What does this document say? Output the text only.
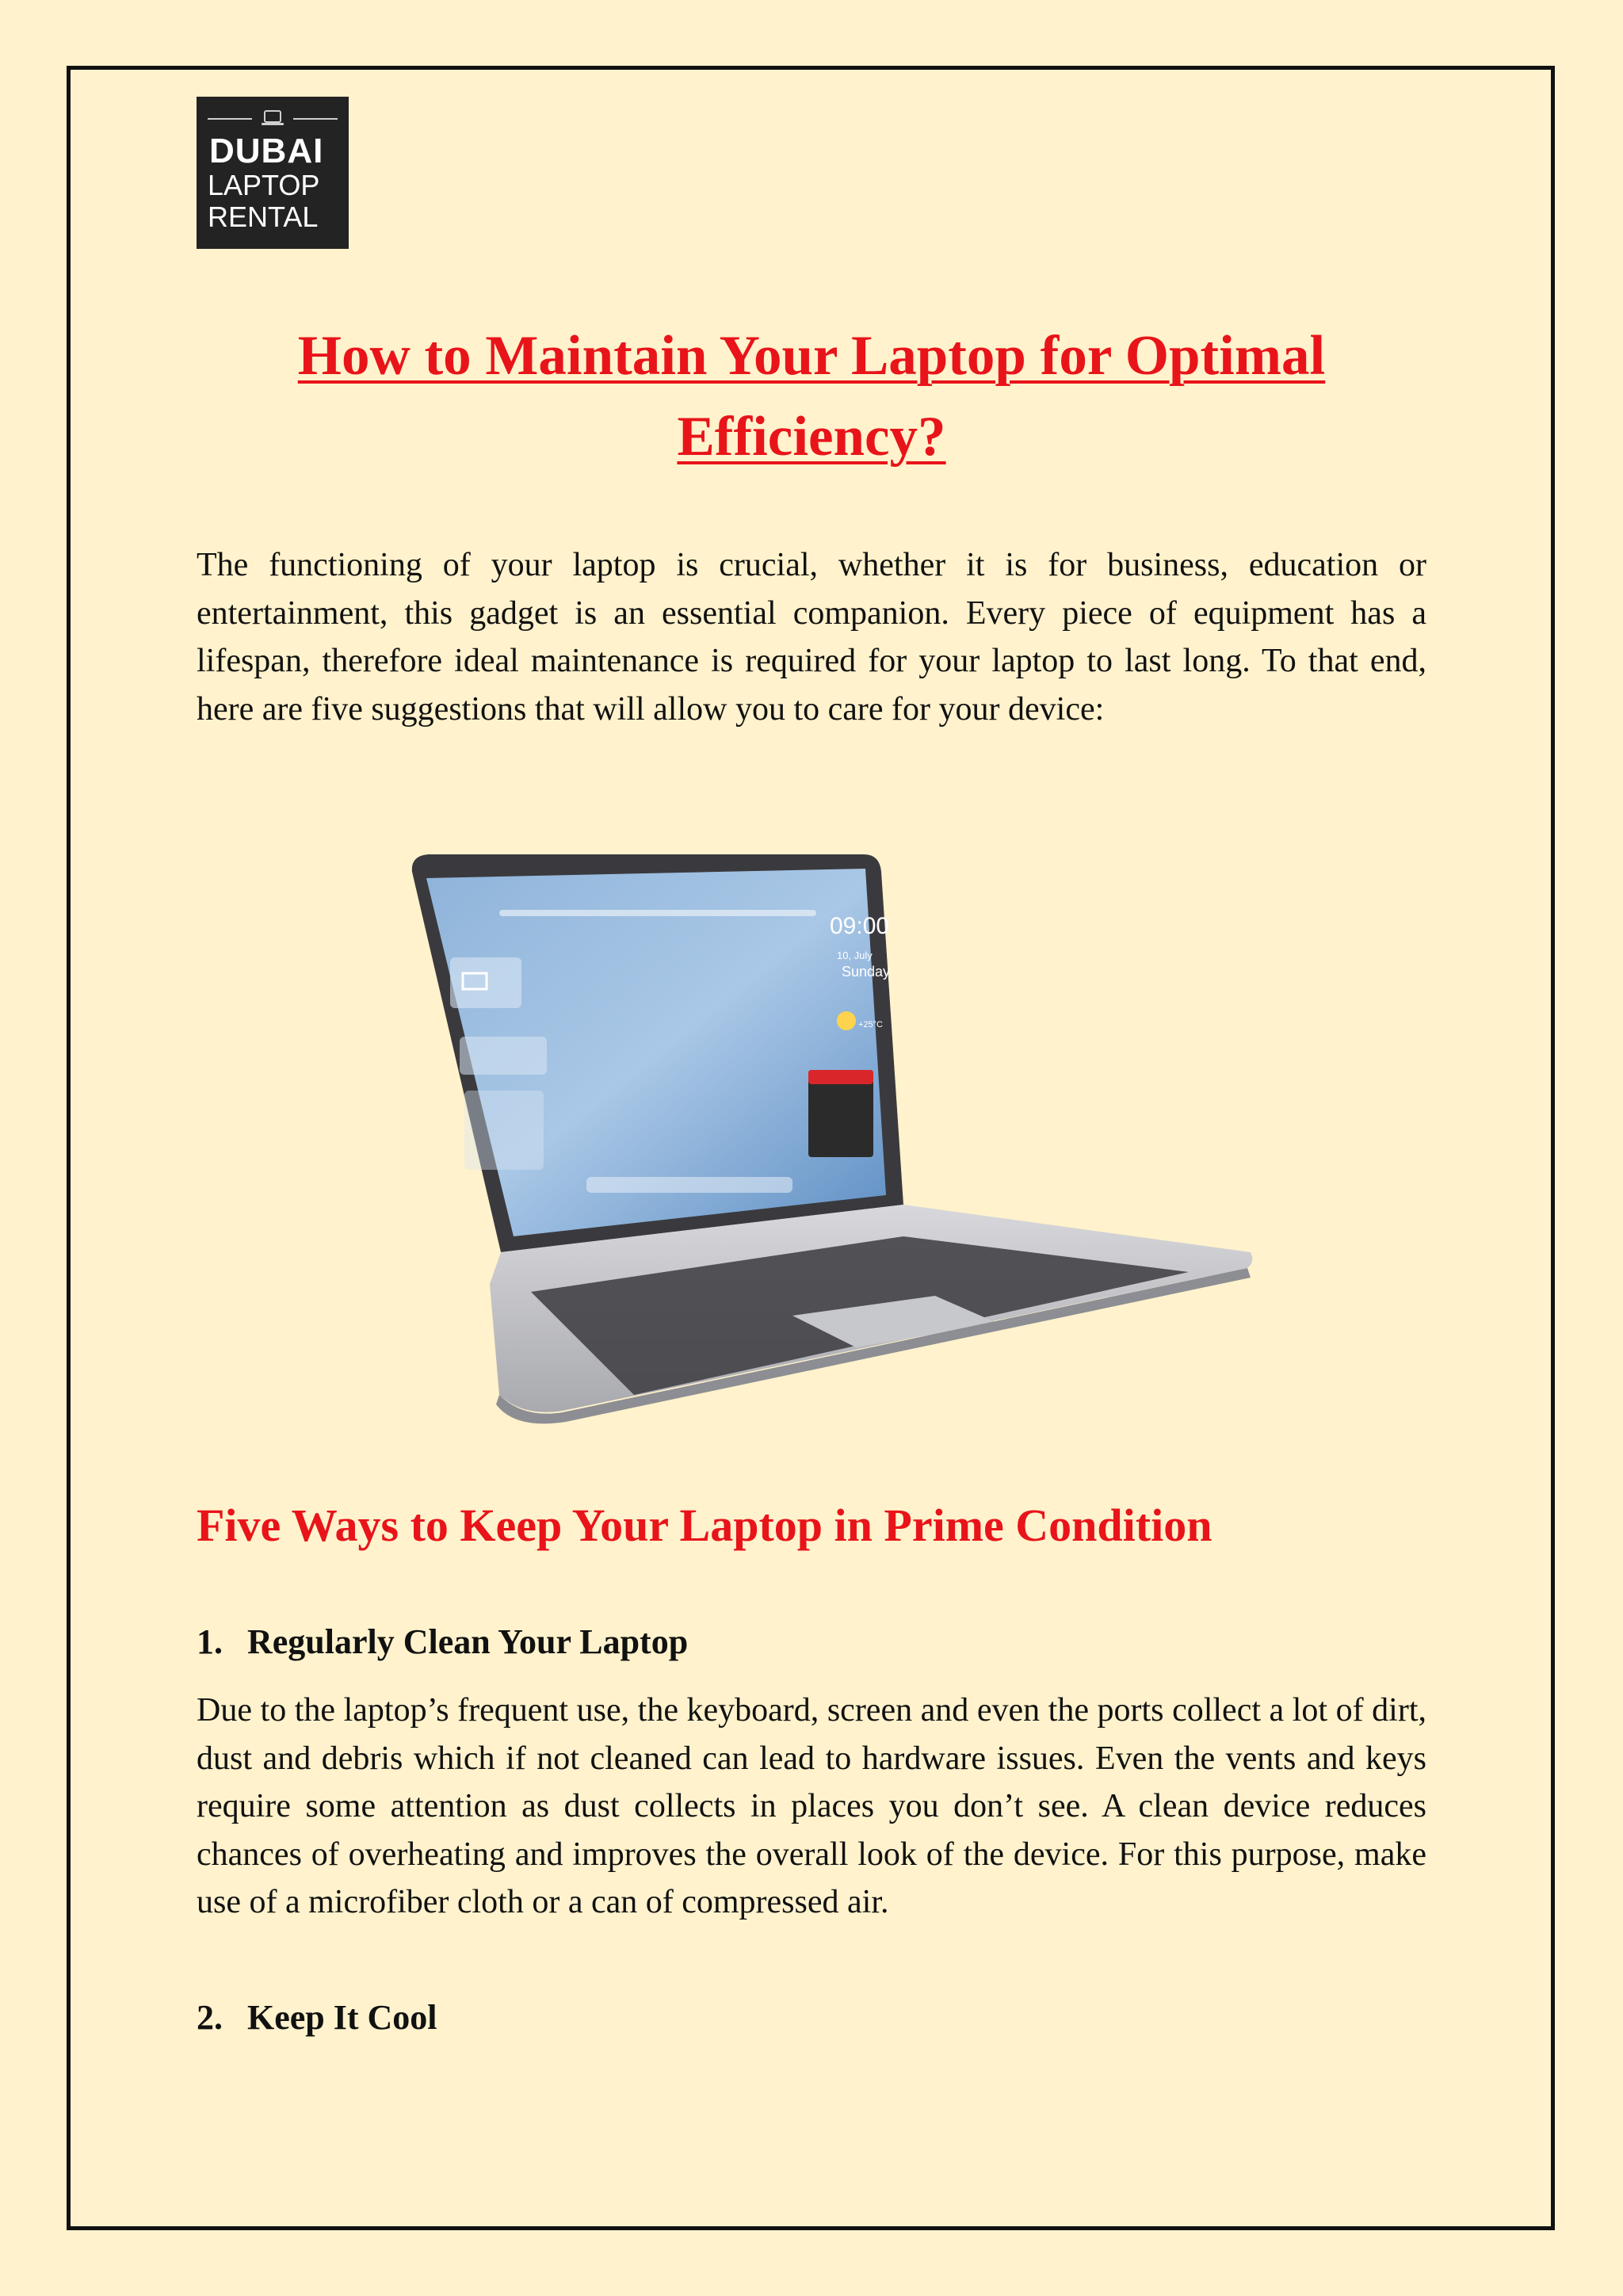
DUBAI
LAPTOP
RENTAL
How to Maintain Your Laptop for Optimal Efficiency?

The functioning of your laptop is crucial, whether it is for business, education or entertainment, this gadget is an essential companion. Every piece of equipment has a lifespan, therefore ideal maintenance is required for your laptop to last long. To that end, here are five suggestions that will allow you to care for your device:

09:00
10, July
Sunday
+25°C
Five Ways to Keep Your Laptop in Prime Condition
1. Regularly Clean Your Laptop

Due to the laptop’s frequent use, the keyboard, screen and even the ports collect a lot of dirt, dust and debris which if not cleaned can lead to hardware issues. Even the vents and keys require some attention as dust collects in places you don’t see. A clean device reduces chances of overheating and improves the overall look of the device. For this purpose, make use of a microfiber cloth or a can of compressed air.

2. Keep It Cool
